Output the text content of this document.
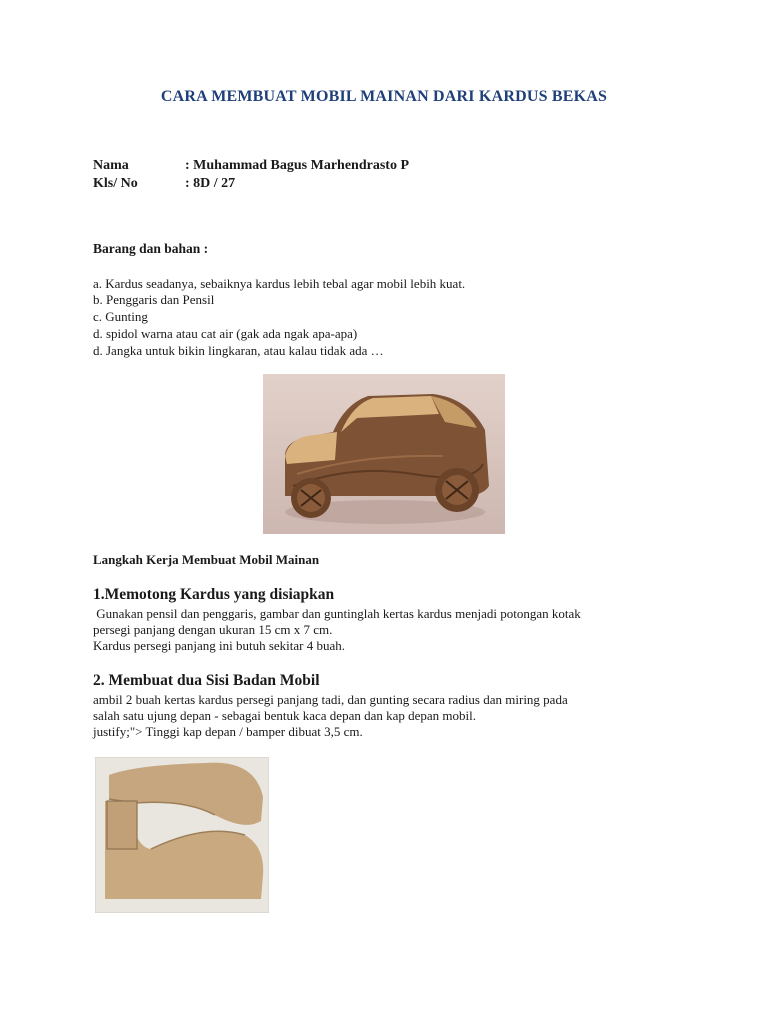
CARA MEMBUAT MOBIL MAINAN DARI KARDUS BEKAS
Nama	: Muhammad Bagus Marhendrasto P
Kls/ No	: 8D / 27
Barang dan bahan :
a. Kardus seadanya, sebaiknya kardus lebih tebal agar mobil lebih kuat.
b. Penggaris dan Pensil
c. Gunting
d. spidol warna atau cat air (gak ada ngak apa-apa)
d. Jangka untuk bikin lingkaran, atau kalau tidak ada …
Langkah Kerja Membuat Mobil Mainan
1.Memotong Kardus yang disiapkan
Gunakan pensil dan penggaris, gambar dan guntinglah kertas kardus menjadi potongan kotak
persegi panjang dengan ukuran 15 cm x 7 cm.
Kardus persegi panjang ini butuh sekitar 4 buah.
2. Membuat dua Sisi Badan Mobil
ambil 2 buah kertas kardus persegi panjang tadi, dan gunting secara radius dan miring pada
salah satu ujung depan - sebagai bentuk kaca depan dan kap depan mobil.
justify;"> Tinggi kap depan / bamper dibuat 3,5 cm.
